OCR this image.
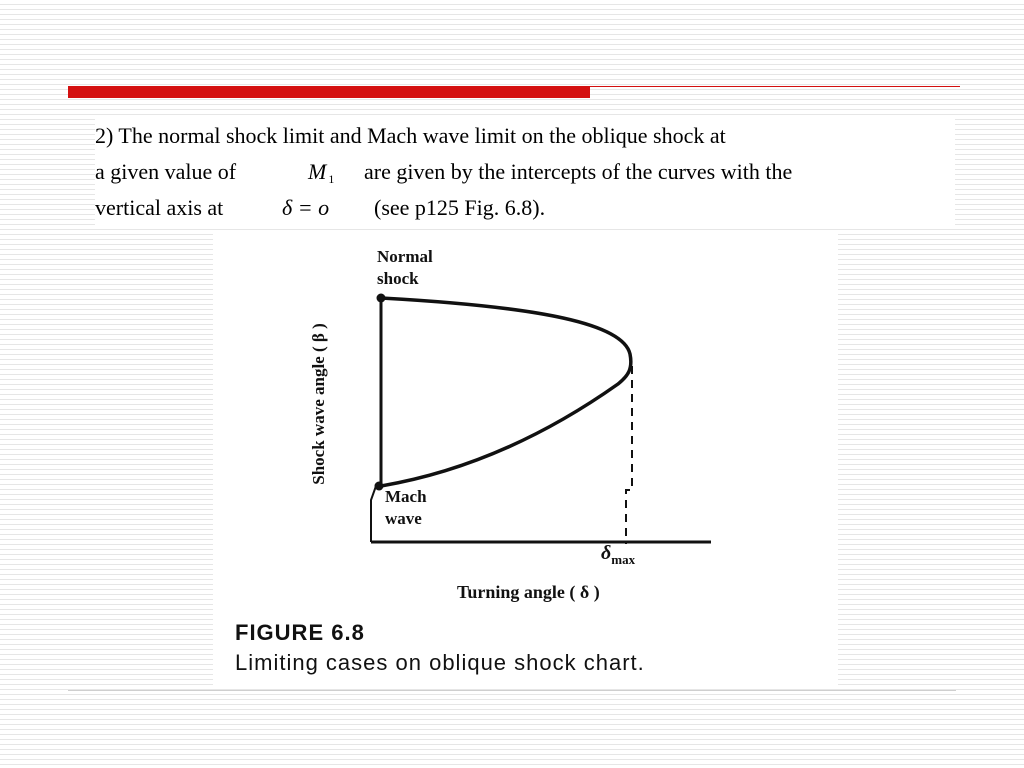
2) The normal shock limit and Mach wave limit on the oblique shock at
a given value of	M $_1$ are given by the intercepts of the curves with the
vertical axis at	δ = o (see p125 Fig. 6.8).
Normal
shock
Mach
wave
Shock wave angle ( β )
$\delta_{max}$
Turning angle ( δ )
FIGURE 6.8
Limiting cases on oblique shock chart.
